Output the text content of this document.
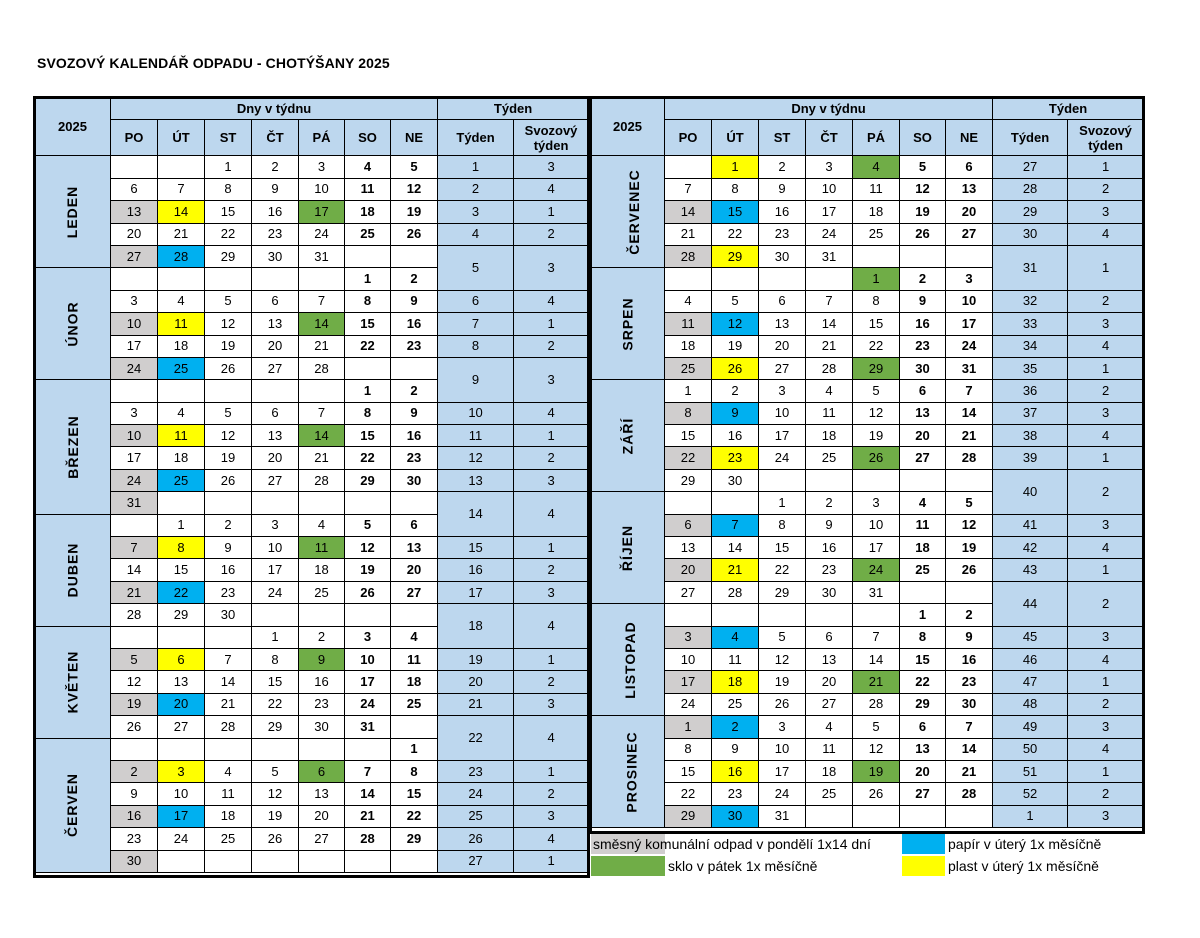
SVOZOVÝ KALENDÁŘ ODPADU - CHOTÝŠANY 2025
2025	Dny v týdnu							Týden	
	PO	ÚT	ST	ČT	PÁ	SO	NE	Týden	Svozový týden
LEDEN			1	2	3	4	5	1	3
	6	7	8	9	10	11	12	2	4
	13	14	15	16	17	18	19	3	1
	20	21	22	23	24	25	26	4	2
	27	28	29	30	31			5	3
ÚNOR						1	2		
	3	4	5	6	7	8	9	6	4
	10	11	12	13	14	15	16	7	1
	17	18	19	20	21	22	23	8	2
	24	25	26	27	28			9	3
BŘEZEN						1	2		
	3	4	5	6	7	8	9	10	4
	10	11	12	13	14	15	16	11	1
	17	18	19	20	21	22	23	12	2
	24	25	26	27	28	29	30	13	3
	31							14	4
DUBEN		1	2	3	4	5	6		
	7	8	9	10	11	12	13	15	1
	14	15	16	17	18	19	20	16	2
	21	22	23	24	25	26	27	17	3
	28	29	30					18	4
KVĚTEN				1	2	3	4		
	5	6	7	8	9	10	11	19	1
	12	13	14	15	16	17	18	20	2
	19	20	21	22	23	24	25	21	3
	26	27	28	29	30	31		22	4
ČERVEN							1		
	2	3	4	5	6	7	8	23	1
	9	10	11	12	13	14	15	24	2
	16	17	18	19	20	21	22	25	3
	23	24	25	26	27	28	29	26	4
	30							27	1
2025	Dny v týdnu							Týden	
	PO	ÚT	ST	ČT	PÁ	SO	NE	Týden	Svozový týden
ČERVENEC		1	2	3	4	5	6	27	1
	7	8	9	10	11	12	13	28	2
	14	15	16	17	18	19	20	29	3
	21	22	23	24	25	26	27	30	4
	28	29	30	31				31	1
SRPEN					1	2	3		
	4	5	6	7	8	9	10	32	2
	11	12	13	14	15	16	17	33	3
	18	19	20	21	22	23	24	34	4
	25	26	27	28	29	30	31	35	1
ZÁŘÍ	1	2	3	4	5	6	7	36	2
	8	9	10	11	12	13	14	37	3
	15	16	17	18	19	20	21	38	4
	22	23	24	25	26	27	28	39	1
	29	30						40	2
ŘÍJEN			1	2	3	4	5		
	6	7	8	9	10	11	12	41	3
	13	14	15	16	17	18	19	42	4
	20	21	22	23	24	25	26	43	1
	27	28	29	30	31			44	2
LISTOPAD						1	2		
	3	4	5	6	7	8	9	45	3
	10	11	12	13	14	15	16	46	4
	17	18	19	20	21	22	23	47	1
	24	25	26	27	28	29	30	48	2
PROSINEC	1	2	3	4	5	6	7	49	3
	8	9	10	11	12	13	14	50	4
	15	16	17	18	19	20	21	51	1
	22	23	24	25	26	27	28	52	2
	29	30	31					1	3
směsný komunální odpad v pondělí 1x14 dní	papír v úterý 1x měsíčně
sklo v pátek 1x měsíčně	plast v úterý 1x měsíčně
